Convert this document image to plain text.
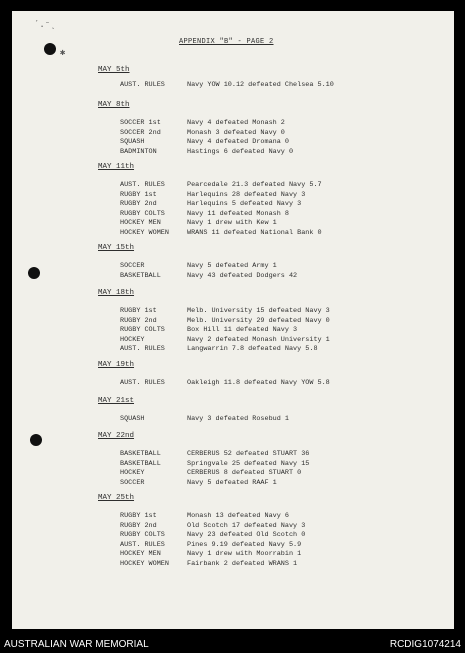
ˊ.⁻ˎ
✱
APPENDIX "B" - PAGE 2
MAY 5th
AUST. RULES	Navy YOW 10.12 defeated Chelsea 5.10
MAY 8th
SOCCER 1st	Navy 4 defeated Monash 2
SOCCER 2nd	Monash 3 defeated Navy 0
SQUASH	Navy 4 defeated Dromana 0
BADMINTON	Hastings 6 defeated Navy 0
MAY 11th
AUST. RULES	Pearcedale 21.3 defeated Navy 5.7
RUGBY 1st	Harlequins 28 defeated Navy 3
RUGBY 2nd	Harlequins 5 defeated Navy 3
RUGBY COLTS	Navy 11 defeated Monash 8
HOCKEY MEN	Navy 1 drew with Kew 1
HOCKEY WOMEN	WRANS 11 defeated National Bank 0
MAY 15th
SOCCER	Navy 5 defeated Army 1
BASKETBALL	Navy 43 defeated Dodgers 42
MAY 18th
RUGBY 1st	Melb. University 15 defeated Navy 3
RUGBY 2nd	Melb. University 29 defeated Navy 0
RUGBY COLTS	Box Hill 11 defeated Navy 3
HOCKEY	Navy 2 defeated Monash University 1
AUST. RULES	Langwarrin 7.8 defeated Navy 5.8
MAY 19th
AUST. RULES	Oakleigh 11.8 defeated Navy YOW 5.8
MAY 21st
SQUASH	Navy 3 defeated Rosebud 1
MAY 22nd
BASKETBALL	CERBERUS 52 defeated STUART 36
BASKETBALL	Springvale 25 defeated Navy 15
HOCKEY	CERBERUS 8 defeated STUART 0
SOCCER	Navy 5 defeated RAAF 1
MAY 25th
RUGBY 1st	Monash 13 defeated Navy 6
RUGBY 2nd	Old Scotch 17 defeated Navy 3
RUGBY COLTS	Navy 23 defeated Old Scotch 0
AUST. RULES	Pines 9.19 defeated Navy 5.9
HOCKEY MEN	Navy 1 drew with Moorrabin 1
HOCKEY WOMEN	Fairbank 2 defeated WRANS 1
AUSTRALIAN WAR MEMORIAL	RCDIG1074214
